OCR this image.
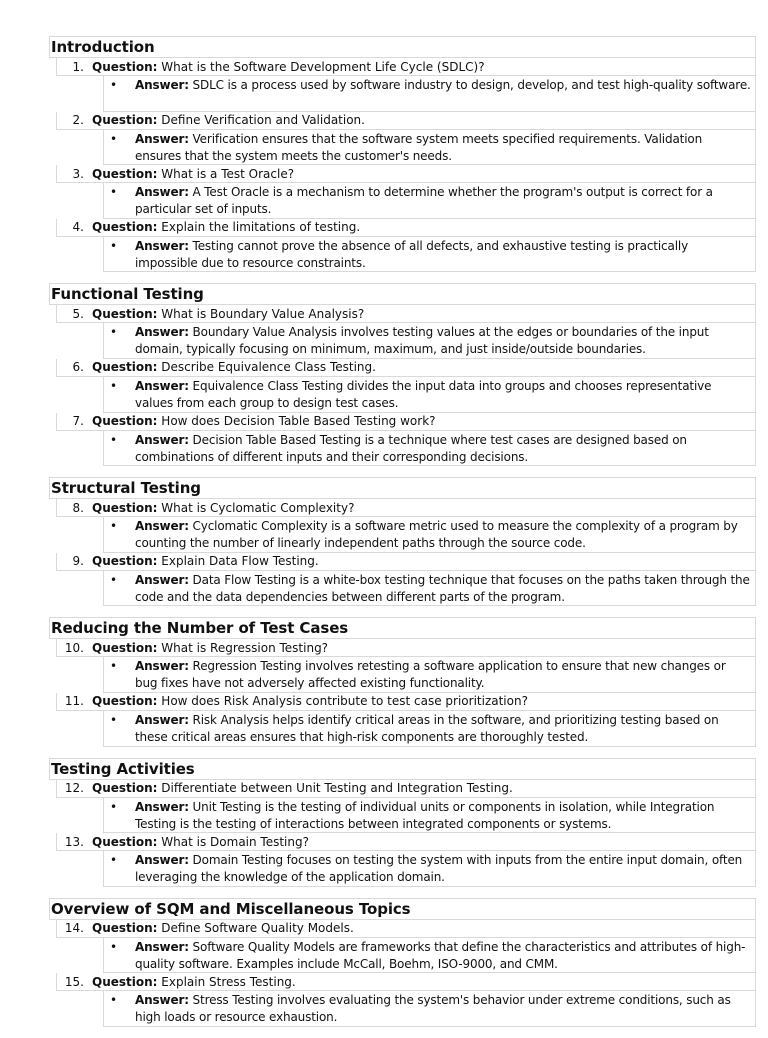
Introduction
1. Question: What is the Software Development Life Cycle (SDLC)?
•	Answer: SDLC is a process used by software industry to design, develop, and test high-quality software.
2. Question: Define Verification and Validation.
•	Answer: Verification ensures that the software system meets specified requirements. Validation ensures that the system meets the customer's needs.
3. Question: What is a Test Oracle?
•	Answer: A Test Oracle is a mechanism to determine whether the program's output is correct for a particular set of inputs.
4. Question: Explain the limitations of testing.
•	Answer: Testing cannot prove the absence of all defects, and exhaustive testing is practically impossible due to resource constraints.
Functional Testing
5. Question: What is Boundary Value Analysis?
•	Answer: Boundary Value Analysis involves testing values at the edges or boundaries of the input domain, typically focusing on minimum, maximum, and just inside/outside boundaries.
6. Question: Describe Equivalence Class Testing.
•	Answer: Equivalence Class Testing divides the input data into groups and chooses representative values from each group to design test cases.
7. Question: How does Decision Table Based Testing work?
•	Answer: Decision Table Based Testing is a technique where test cases are designed based on combinations of different inputs and their corresponding decisions.
Structural Testing
8. Question: What is Cyclomatic Complexity?
•	Answer: Cyclomatic Complexity is a software metric used to measure the complexity of a program by counting the number of linearly independent paths through the source code.
9. Question: Explain Data Flow Testing.
•	Answer: Data Flow Testing is a white-box testing technique that focuses on the paths taken through the code and the data dependencies between different parts of the program.
Reducing the Number of Test Cases
10. Question: What is Regression Testing?
•	Answer: Regression Testing involves retesting a software application to ensure that new changes or bug fixes have not adversely affected existing functionality.
11. Question: How does Risk Analysis contribute to test case prioritization?
•	Answer: Risk Analysis helps identify critical areas in the software, and prioritizing testing based on these critical areas ensures that high-risk components are thoroughly tested.
Testing Activities
12. Question: Differentiate between Unit Testing and Integration Testing.
•	Answer: Unit Testing is the testing of individual units or components in isolation, while Integration Testing is the testing of interactions between integrated components or systems.
13. Question: What is Domain Testing?
•	Answer: Domain Testing focuses on testing the system with inputs from the entire input domain, often leveraging the knowledge of the application domain.
Overview of SQM and Miscellaneous Topics
14. Question: Define Software Quality Models.
•	Answer: Software Quality Models are frameworks that define the characteristics and attributes of high-quality software. Examples include McCall, Boehm, ISO-9000, and CMM.
15. Question: Explain Stress Testing.
•	Answer: Stress Testing involves evaluating the system's behavior under extreme conditions, such as high loads or resource exhaustion.
